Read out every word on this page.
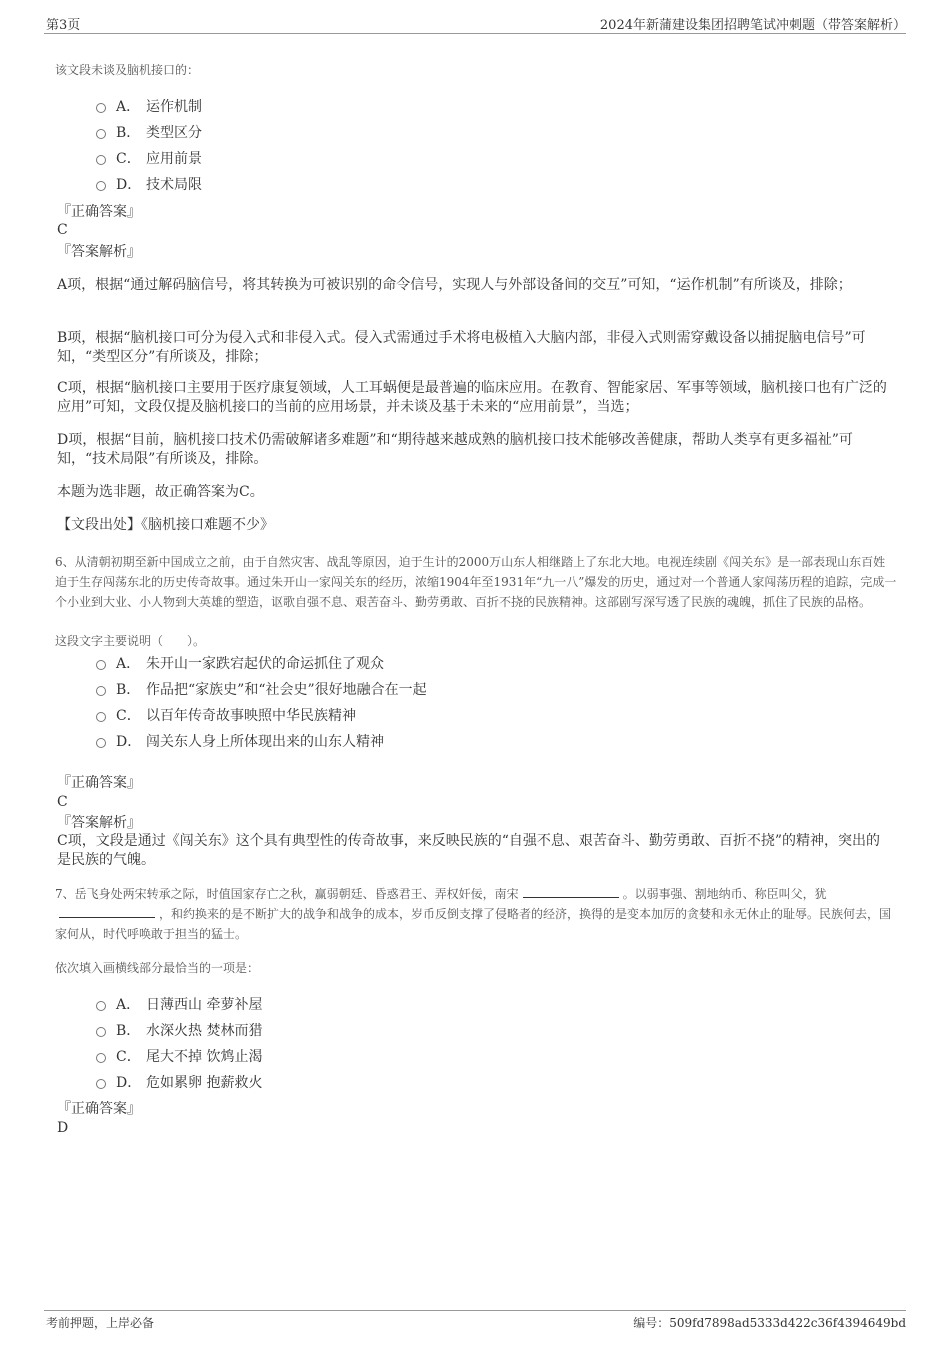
第3页	2024年新蒲建设集团招聘笔试冲刺题（带答案解析）
该文段未谈及脑机接口的：
A． 运作机制
B． 类型区分
C． 应用前景
D． 技术局限
『正确答案』
C
『答案解析』
A项，根据“通过解码脑信号，将其转换为可被识别的命令信号，实现人与外部设备间的交互”可知，“运作机制”有所谈及，排除；
B项，根据“脑机接口可分为侵入式和非侵入式。侵入式需通过手术将电极植入大脑内部，非侵入式则需穿戴设备以捕捉脑电信号”可知，“类型区分”有所谈及，排除；
C项，根据“脑机接口主要用于医疗康复领域，人工耳蜗便是最普遍的临床应用。在教育、智能家居、军事等领域，脑机接口也有广泛的应用”可知，文段仅提及脑机接口的当前的应用场景，并未谈及基于未来的“应用前景”，当选；
D项，根据“目前，脑机接口技术仍需破解诸多难题”和“期待越来越成熟的脑机接口技术能够改善健康，帮助人类享有更多福祉”可知，“技术局限”有所谈及，排除。
本题为选非题，故正确答案为C。
【文段出处】《脑机接口难题不少》
6、从清朝初期至新中国成立之前，由于自然灾害、战乱等原因，迫于生计的2000万山东人相继踏上了东北大地。电视连续剧《闯关东》是一部表现山东百姓迫于生存闯荡东北的历史传奇故事。通过朱开山一家闯关东的经历，浓缩1904年至1931年“九一八”爆发的历史，通过对一个普通人家闯荡历程的追踪，完成一个小业到大业、小人物到大英雄的塑造，讴歌自强不息、艰苦奋斗、勤劳勇敢、百折不挠的民族精神。这部剧写深写透了民族的魂魄，抓住了民族的品格。
这段文字主要说明（　　）。
A． 朱开山一家跌宕起伏的命运抓住了观众
B． 作品把“家族史”和“社会史”很好地融合在一起
C． 以百年传奇故事映照中华民族精神
D． 闯关东人身上所体现出来的山东人精神
『正确答案』
C
『答案解析』
C项，文段是通过《闯关东》这个具有典型性的传奇故事，来反映民族的“自强不息、艰苦奋斗、勤劳勇敢、百折不挠”的精神，突出的是民族的气魄。
7、岳飞身处两宋转承之际，时值国家存亡之秋，赢弱朝廷、昏惑君王、弄权奸佞，南宋	。以弱事强、割地纳币、称臣叫父，犹，和约换来的是不断扩大的战争和战争的成本，岁币反倒支撑了侵略者的经济，换得的是变本加厉的贪婪和永无休止的耻辱。民族何去，国家何从，时代呼唤敢于担当的猛士。
依次填入画横线部分最恰当的一项是：
A． 日薄西山 牵萝补屋
B． 水深火热 焚林而猎
C． 尾大不掉 饮鸩止渴
D． 危如累卵 抱薪救火
『正确答案』
D
考前押题，上岸必备	编号：509fd7898ad5333d422c36f4394649bd
